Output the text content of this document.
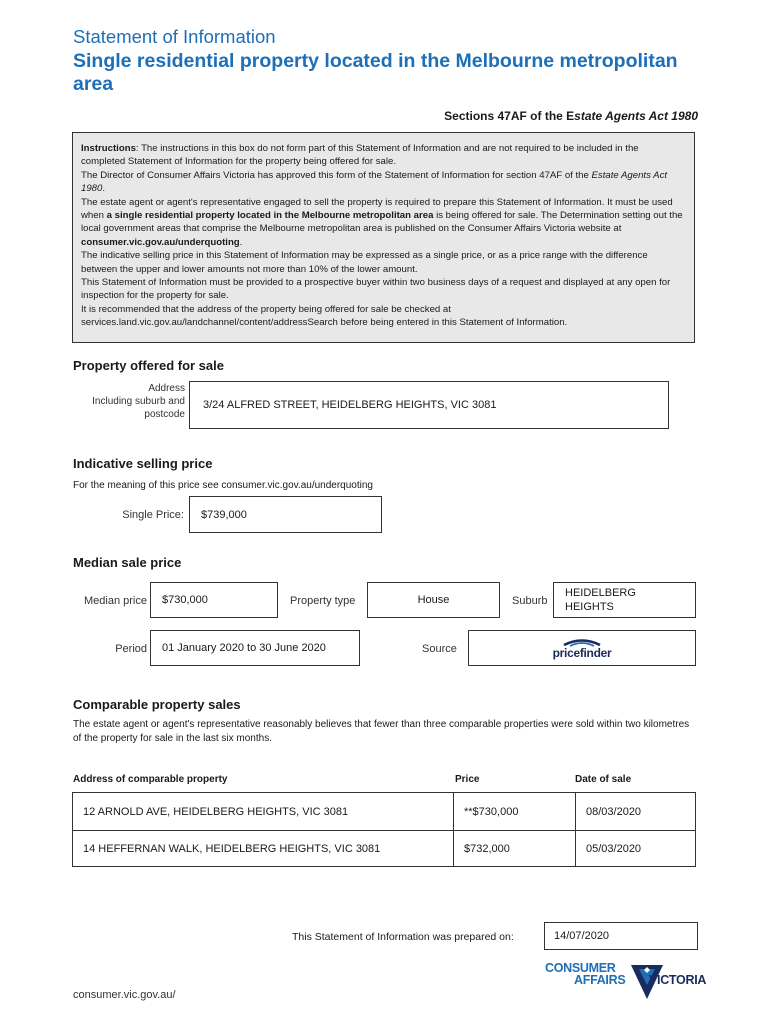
Statement of Information
Single residential property located in the Melbourne metropolitan area
Sections 47AF of the Estate Agents Act 1980

Instructions: The instructions in this box do not form part of this Statement of Information and are not required to be included in the completed Statement of Information for the property being offered for sale.

The Director of Consumer Affairs Victoria has approved this form of the Statement of Information for section 47AF of the Estate Agents Act 1980.

The estate agent or agent's representative engaged to sell the property is required to prepare this Statement of Information. It must be used when a single residential property located in the Melbourne metropolitan area is being offered for sale. The Determination setting out the local government areas that comprise the Melbourne metropolitan area is published on the Consumer Affairs Victoria website at consumer.vic.gov.au/underquoting.

The indicative selling price in this Statement of Information may be expressed as a single price, or as a price range with the difference between the upper and lower amounts not more than 10% of the lower amount.

This Statement of Information must be provided to a prospective buyer within two business days of a request and displayed at any open for inspection for the property for sale.

It is recommended that the address of the property being offered for sale be checked at services.land.vic.gov.au/landchannel/content/addressSearch before being entered in this Statement of Information.

Property offered for sale
Address
Including suburb and
postcode
3/24 ALFRED STREET, HEIDELBERG HEIGHTS, VIC 3081
Indicative selling price
For the meaning of this price see consumer.vic.gov.au/underquoting
Single Price:	$739,000
Median sale price
Median price	$730,000	Property type	House	Suburb
HEIDELBERG
HEIGHTS
Period	01 January 2020 to 30 June 2020	Source	pricefinder
Comparable property sales
The estate agent or agent's representative reasonably believes that fewer than three comparable properties were sold within two kilometres of the property for sale in the last six months.
Address of comparable property	Price	Date of sale
12 ARNOLD AVE, HEIDELBERG HEIGHTS, VIC 3081	**$730,000	08/03/2020
14 HEFFERNAN WALK, HEIDELBERG HEIGHTS, VIC 3081	$732,000	05/03/2020
This Statement of Information was prepared on:	14/07/2020
CONSUMER
AFFAIRS VICTORIA
consumer.vic.gov.au/
